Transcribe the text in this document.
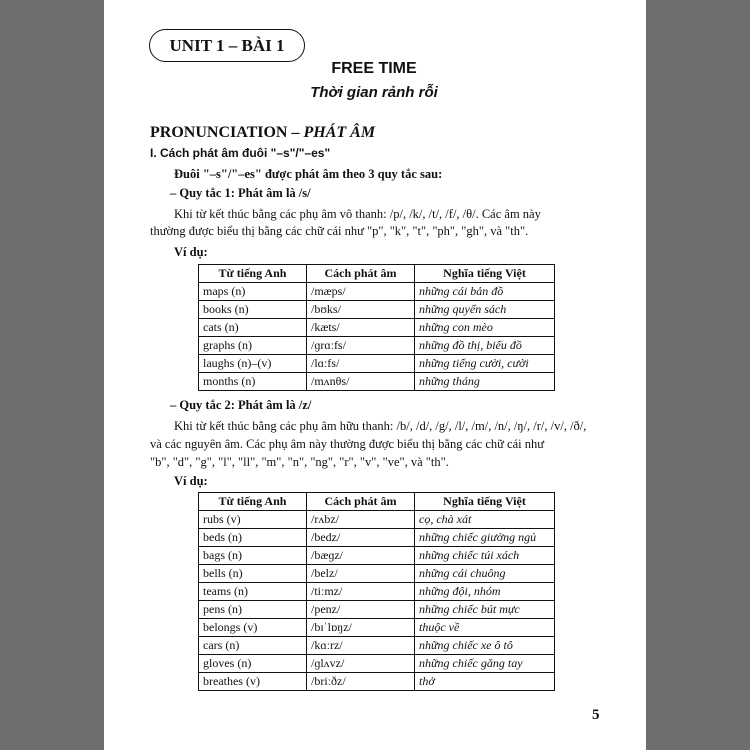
UNIT 1 – BÀI 1
FREE TIME
Thời gian rảnh rỗi
PRONUNCIATION – PHÁT ÂM
I. Cách phát âm đuôi "–s"/"–es"
Đuôi "–s"/"–es" được phát âm theo 3 quy tắc sau:
– Quy tắc 1: Phát âm là /s/
Khi từ kết thúc bằng các phụ âm vô thanh: /p/, /k/, /t/, /f/, /θ/. Các âm này
thường được biểu thị bằng các chữ cái như "p", "k", "t", "ph", "gh", và "th".
Ví dụ:
Từ tiếng Anh	Cách phát âm	Nghĩa tiếng Việt
maps (n)	/mæps/	những cái bản đồ
books (n)	/bʊks/	những quyển sách
cats (n)	/kæts/	những con mèo
graphs (n)	/ɡrɑːfs/	những đồ thị, biểu đồ
laughs (n)–(v)	/lɑːfs/	những tiếng cười, cười
months (n)	/mʌnθs/	những tháng
– Quy tắc 2: Phát âm là /z/
Khi từ kết thúc bằng các phụ âm hữu thanh: /b/, /d/, /g/, /l/, /m/, /n/, /ŋ/, /r/, /v/, /ð/,
và các nguyên âm. Các phụ âm này thường được biểu thị bằng các chữ cái như
"b", "d", "g", "l", "ll", "m", "n", "ng", "r", "v", "ve", và "th".
Ví dụ:
Từ tiếng Anh	Cách phát âm	Nghĩa tiếng Việt
rubs (v)	/rʌbz/	cọ, chà xát
beds (n)	/bedz/	những chiếc giường ngủ
bags (n)	/bæɡz/	những chiếc túi xách
bells (n)	/belz/	những cái chuông
teams (n)	/tiːmz/	những đội, nhóm
pens (n)	/penz/	những chiếc bút mực
belongs (v)	/bɪˈlɒŋz/	thuộc về
cars (n)	/kɑːrz/	những chiếc xe ô tô
gloves (n)	/ɡlʌvz/	những chiếc găng tay
breathes (v)	/briːðz/	thở
5
